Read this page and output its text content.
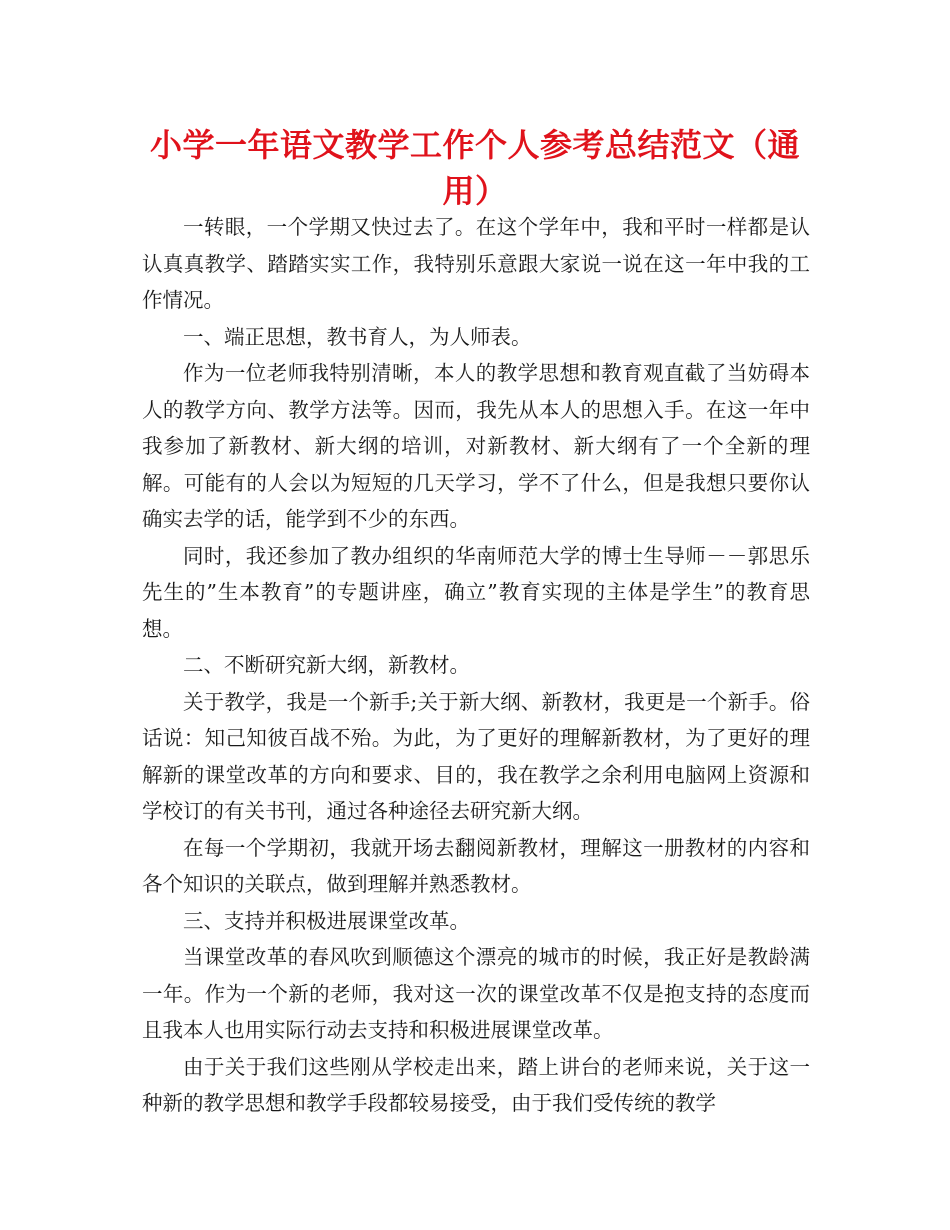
小学一年语文教学工作个人参考总结范文（通用）

一转眼，一个学期又快过去了。在这个学年中，我和平时一样都是认认真真教学、踏踏实实工作，我特别乐意跟大家说一说在这一年中我的工作情况。

一、端正思想，教书育人，为人师表。

作为一位老师我特别清晰，本人的教学思想和教育观直截了当妨碍本人的教学方向、教学方法等。因而，我先从本人的思想入手。在这一年中我参加了新教材、新大纲的培训，对新教材、新大纲有了一个全新的理解。可能有的人会以为短短的几天学习，学不了什么，但是我想只要你认确实去学的话，能学到不少的东西。

同时，我还参加了教办组织的华南师范大学的博士生导师－－郭思乐先生的”生本教育”的专题讲座，确立”教育实现的主体是学生”的教育思想。

二、不断研究新大纲，新教材。

关于教学，我是一个新手;关于新大纲、新教材，我更是一个新手。俗话说：知己知彼百战不殆。为此，为了更好的理解新教材，为了更好的理解新的课堂改革的方向和要求、目的，我在教学之余利用电脑网上资源和学校订的有关书刊，通过各种途径去研究新大纲。

在每一个学期初，我就开场去翻阅新教材，理解这一册教材的内容和各个知识的关联点，做到理解并熟悉教材。

三、支持并积极进展课堂改革。

当课堂改革的春风吹到顺德这个漂亮的城市的时候，我正好是教龄满一年。作为一个新的老师，我对这一次的课堂改革不仅是抱支持的态度而且我本人也用实际行动去支持和积极进展课堂改革。

由于关于我们这些刚从学校走出来，踏上讲台的老师来说，关于这一种新的教学思想和教学手段都较易接受，由于我们受传统的教学
